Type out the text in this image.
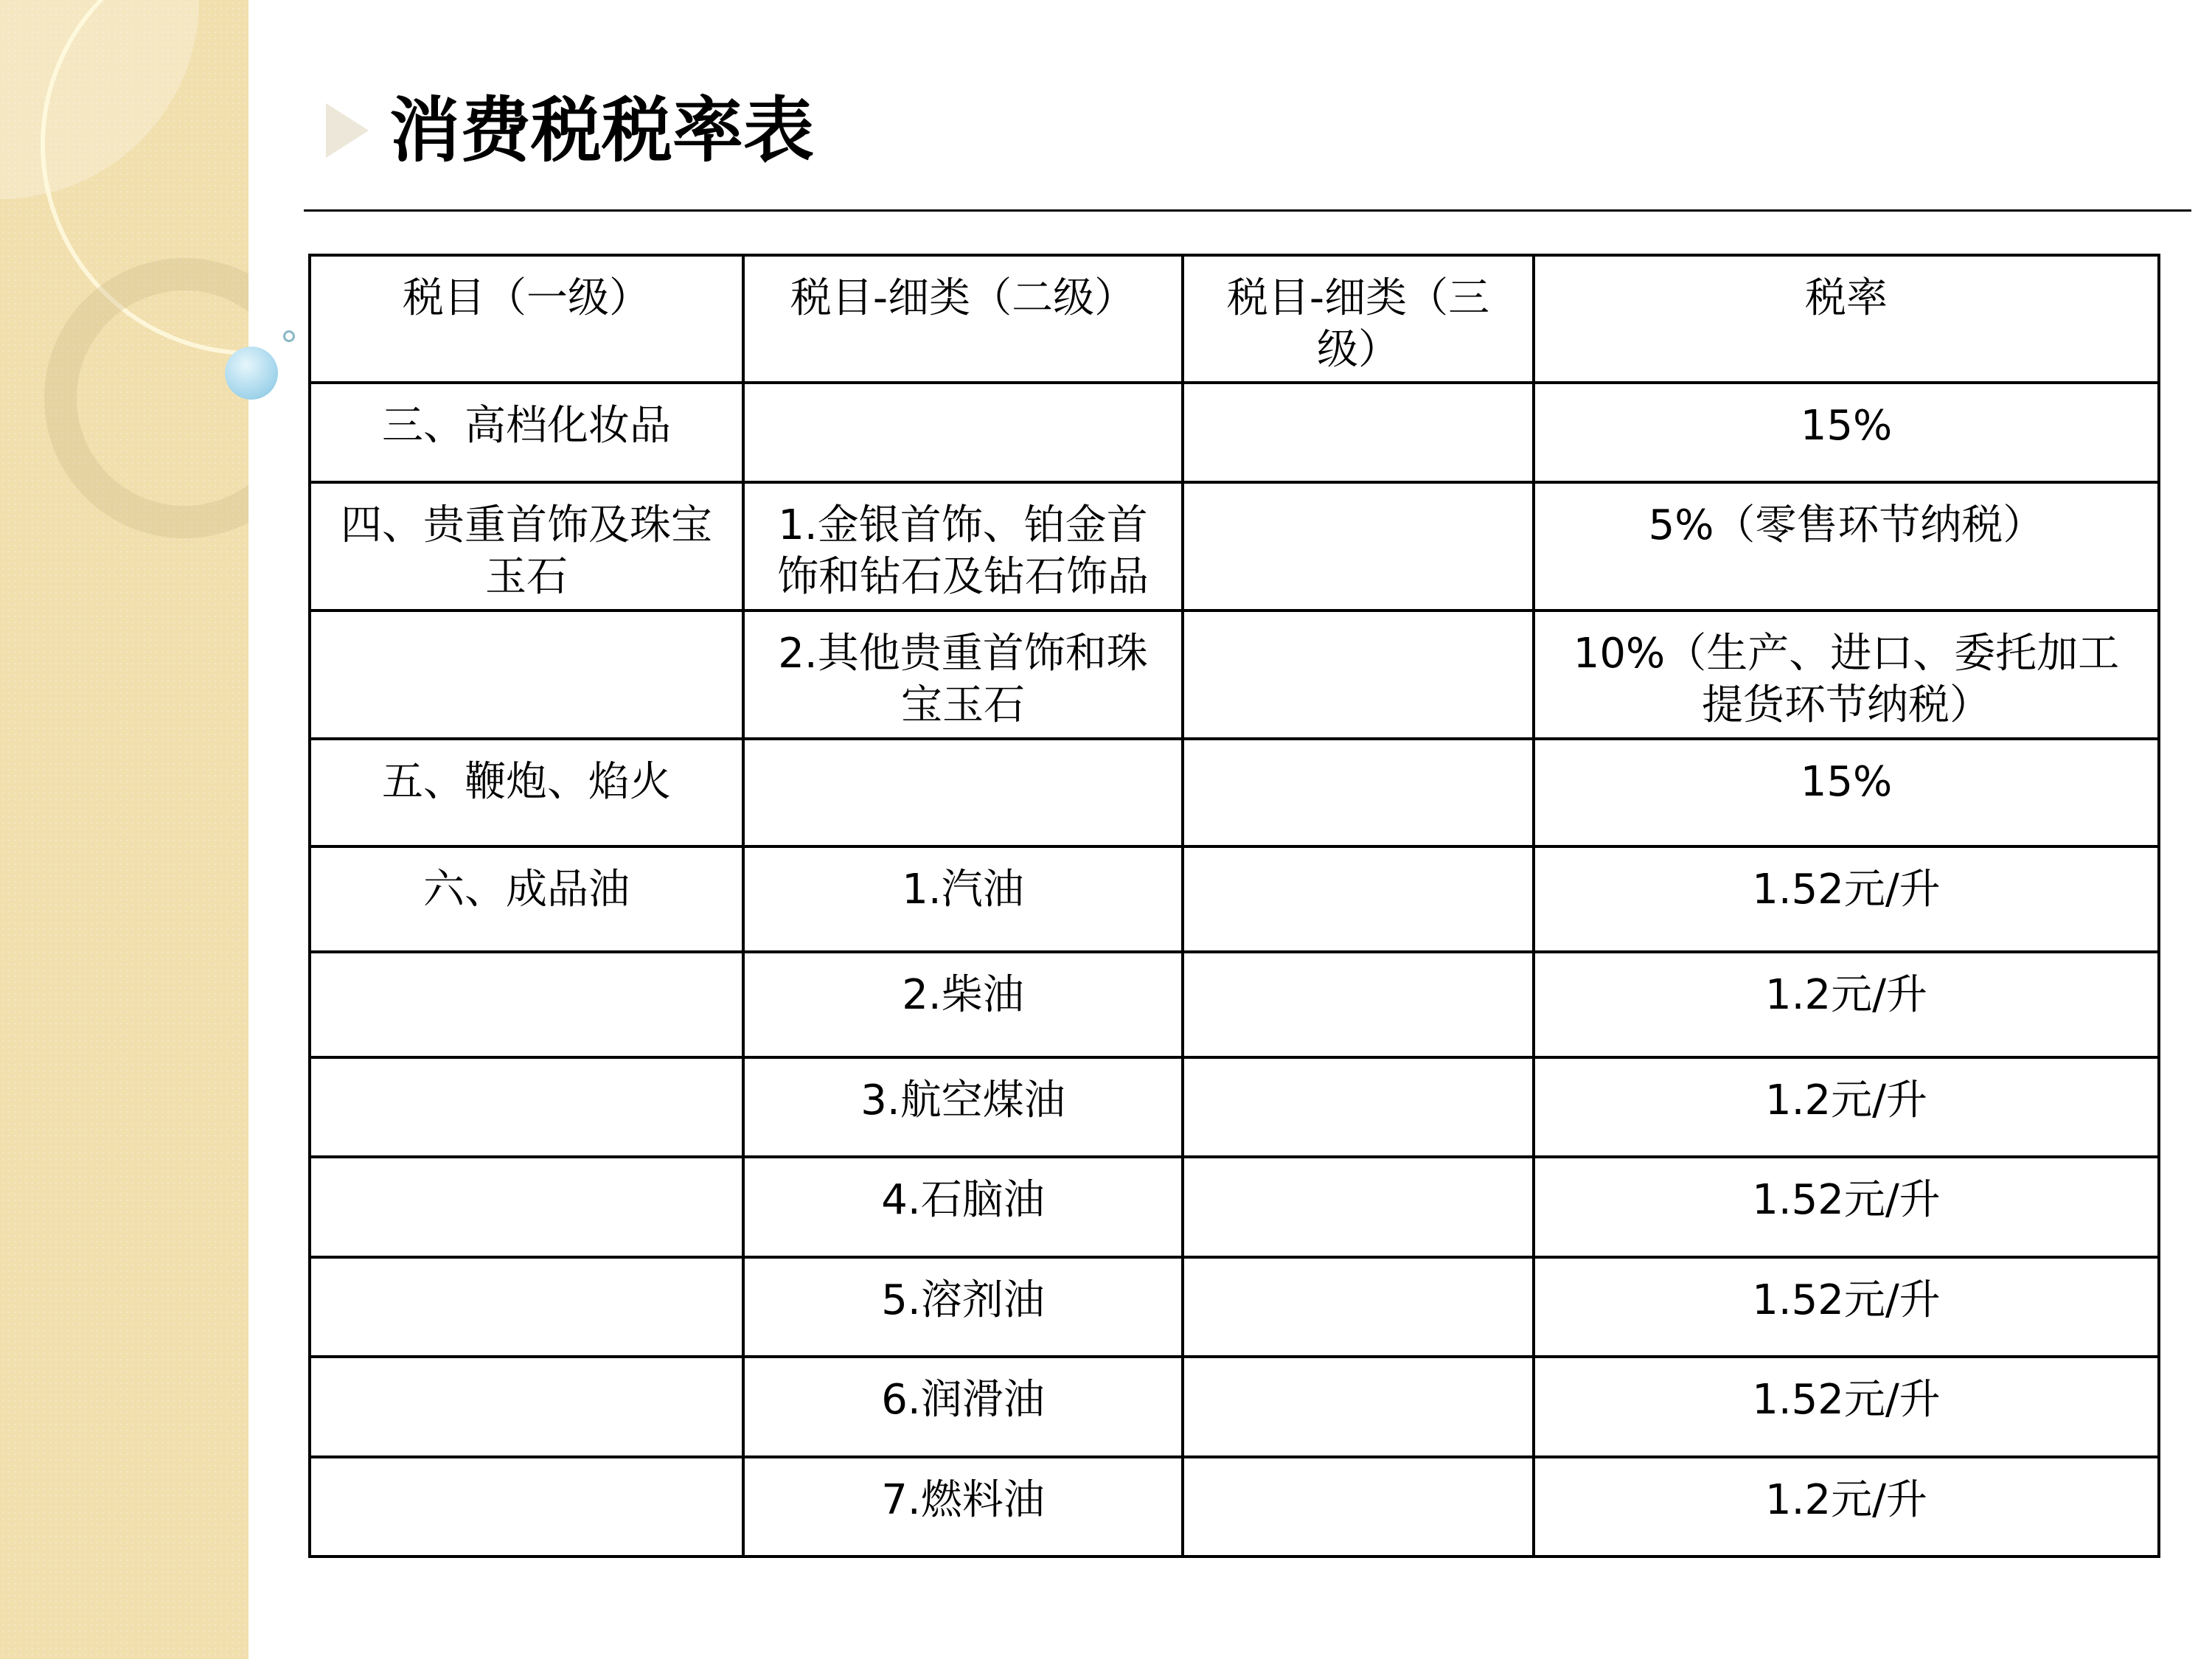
消费税税率表
税目（一级）	税目-细类（二级）	税目-细类（三级）	税率
三、高档化妆品			15%
四、贵重首饰及珠宝玉石	1.金银首饰、铂金首饰和钻石及钻石饰品		5%（零售环节纳税）
	2.其他贵重首饰和珠宝玉石		10%（生产、进口、委托加工提货环节纳税）
五、鞭炮、焰火			15%
六、成品油	1.汽油		1.52元/升
	2.柴油		1.2元/升
	3.航空煤油		1.2元/升
	4.石脑油		1.52元/升
	5.溶剂油		1.52元/升
	6.润滑油		1.52元/升
	7.燃料油		1.2元/升
